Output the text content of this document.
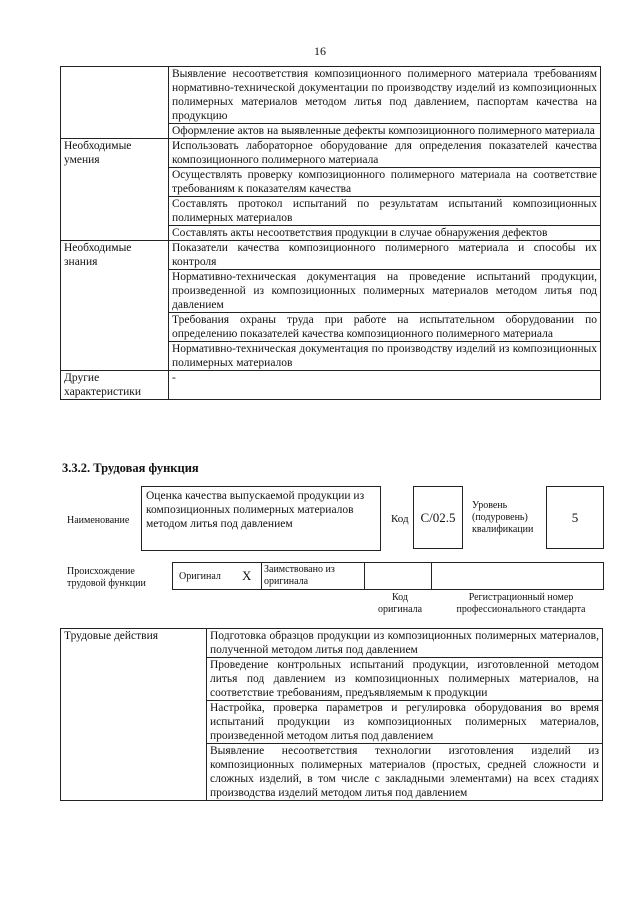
16
	Выявление несоответствия композиционного полимерного материала требованиям нормативно-технической документации по производству изделий из композиционных полимерных материалов методом литья под давлением, паспортам качества на продукцию
	Оформление актов на выявленные дефекты композиционного полимерного материала
Необходимые умения	Использовать лабораторное оборудование для определения показателей качества композиционного полимерного материала
	Осуществлять проверку композиционного полимерного материала на соответствие требованиям к показателям качества
	Составлять протокол испытаний по результатам испытаний композиционных полимерных материалов
	Составлять акты несоответствия продукции в случае обнаружения дефектов
Необходимые знания	Показатели качества композиционного полимерного материала и способы их контроля
	Нормативно-техническая документация на проведение испытаний продукции, произведенной из композиционных полимерных материалов методом литья под давлением
	Требования охраны труда при работе на испытательном оборудовании по определению показателей качества композиционного полимерного материала
	Нормативно-техническая документация по производству изделий из композиционных полимерных материалов
Другие характеристики	-
3.3.2. Трудовая функция
Наименование
Оценка качества выпускаемой продукции из композиционных полимерных материалов методом литья под давлением	Код C/02.5
Уровень (подуровень) квалификации
5
Происхождение трудовой функции
Оригинал X	Заимствовано из оригинала
Код оригинала
Регистрационный номер профессионального стандарта
Трудовые действия	Подготовка образцов продукции из композиционных полимерных материалов, полученной методом литья под давлением
Проведение контрольных испытаний продукции, изготовленной методом литья под давлением из композиционных полимерных материалов, на соответствие требованиям, предъявляемым к продукции
Настройка, проверка параметров и регулировка оборудования во время испытаний продукции из композиционных полимерных материалов, произведенной методом литья под давлением
Выявление несоответствия технологии изготовления изделий из композиционных полимерных материалов (простых, средней сложности и сложных изделий, в том числе с закладными элементами) на всех стадиях производства изделий методом литья под давлением
